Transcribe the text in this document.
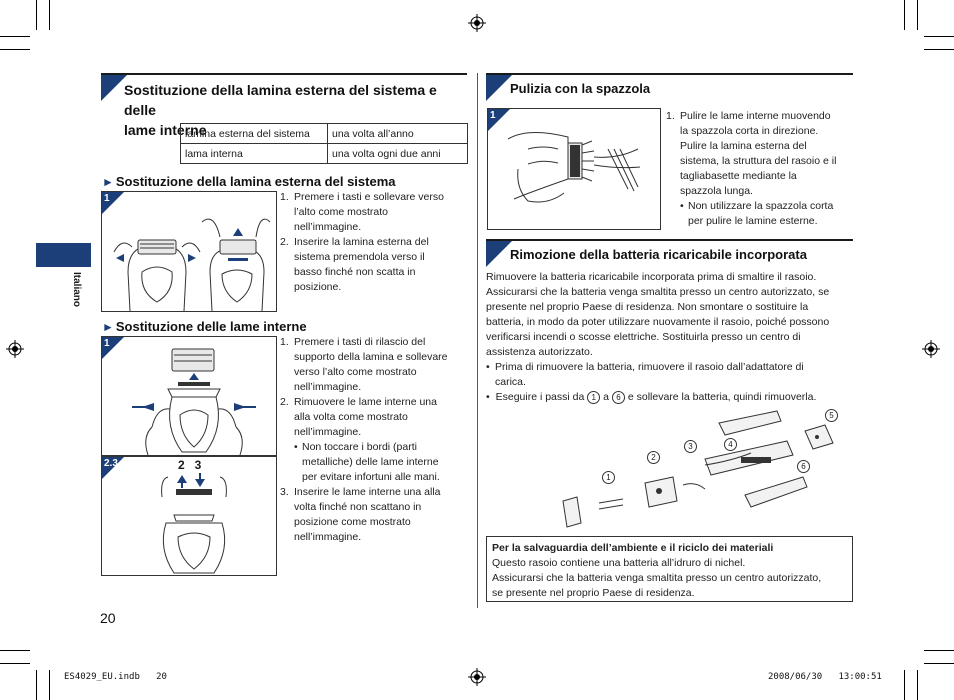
Italiano
Sostituzione della lamina esterna del sistema e delle
lame interne
lamina esterna del sistema	una volta all’anno
lama interna	una volta ogni due anni
► Sostituzione della lamina esterna del sistema
1	1. Premere i tasti e sollevare verso
l’alto come mostrato
nell’immagine.
2. Inserire la lamina esterna del
sistema premendola verso il
basso finché non scatta in
posizione.
► Sostituzione delle lame interne
1
2.3	2   3
1. Premere i tasti di rilascio del
supporto della lamina e sollevare
verso l’alto come mostrato
nell’immagine.
2. Rimuovere le lame interne una
alla volta come mostrato
nell’immagine.
• Non toccare i bordi (parti
metalliche) delle lame interne
per evitare infortuni alle mani.
3. Inserire le lame interne una alla
volta finché non scattano in
posizione come mostrato
nell’immagine.
20
Pulizia con la spazzola
1	1. Pulire le lame interne muovendo
la spazzola corta in direzione.
Pulire la lamina esterna del
sistema, la struttura del rasoio e il
tagliabasette mediante la
spazzola lunga.
• Non utilizzare la spazzola corta
per pulire le lamine esterne.
Rimozione della batteria ricaricabile incorporata
Rimuovere la batteria ricaricabile incorporata prima di smaltire il rasoio.
Assicurarsi che la batteria venga smaltita presso un centro autorizzato, se
presente nel proprio Paese di residenza. Non smontare o sostituire la
batteria, in modo da poter utilizzare nuovamente il rasoio, poiché possono
verificarsi incendi o scosse elettriche. Sostituirla presso un centro di
assistenza autorizzato.
• Prima di rimuovere la batteria, rimuovere il rasoio dall’adattatore di
carica.
• Eseguire i passi da 1 a 6 e sollevare la batteria, quindi rimuoverla.
1
2
3	4
5
6
Per la salvaguardia dell’ambiente e il riciclo dei materiali
Questo rasoio contiene una batteria all’idruro di nichel.
Assicurarsi che la batteria venga smaltita presso un centro autorizzato,
se presente nel proprio Paese di residenza.
ES4029_EU.indb   20	2008/06/30   13:00:51
